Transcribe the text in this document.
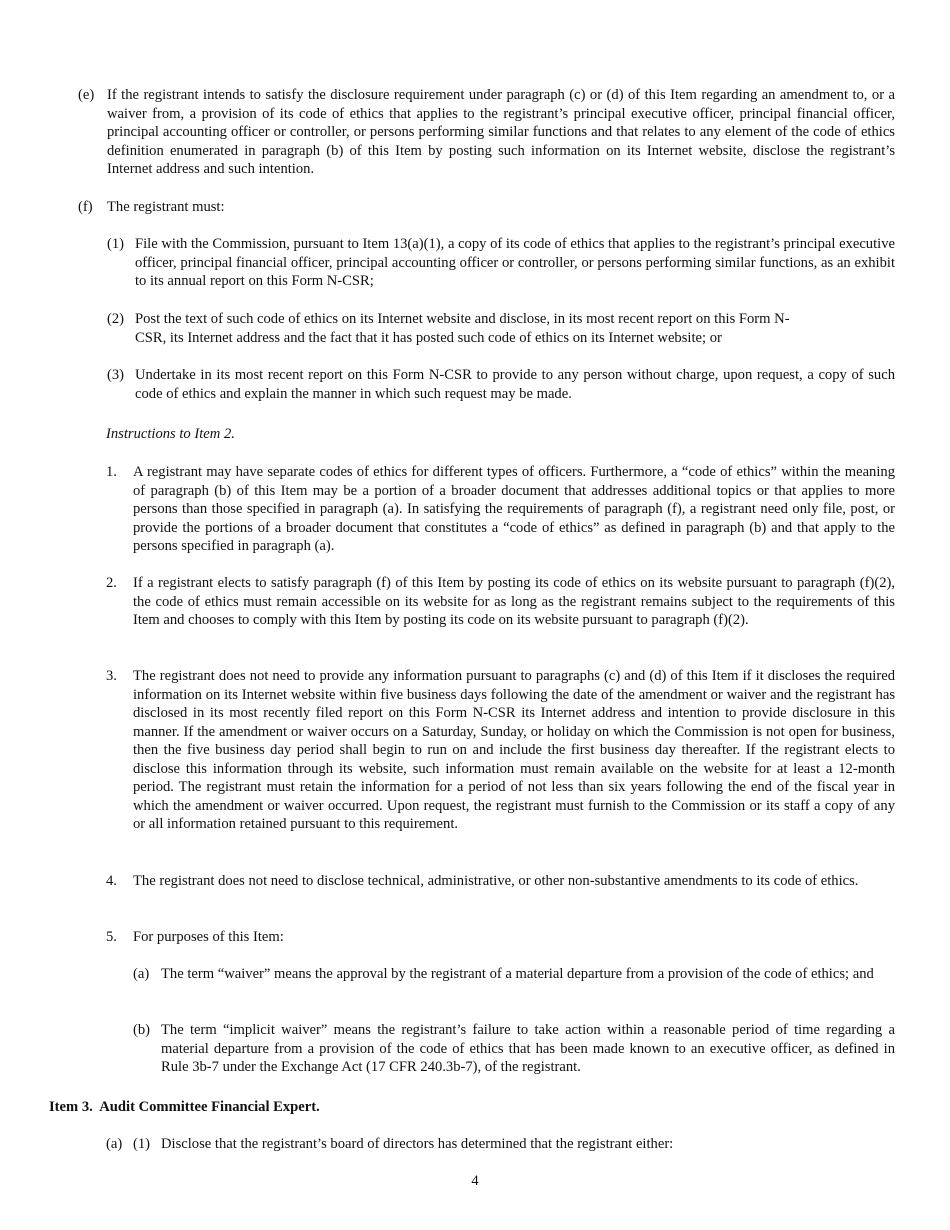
(e) If the registrant intends to satisfy the disclosure requirement under paragraph (c) or (d) of this Item regarding an amendment to, or a waiver from, a provision of its code of ethics that applies to the registrant’s principal executive officer, principal financial officer, principal accounting officer or controller, or persons performing similar functions and that relates to any element of the code of ethics definition enumerated in paragraph (b) of this Item by posting such information on its Internet website, disclose the registrant’s Internet address and such intention.
(f) The registrant must:
(1) File with the Commission, pursuant to Item 13(a)(1), a copy of its code of ethics that applies to the registrant’s principal executive officer, principal financial officer, principal accounting officer or controller, or persons performing similar functions, as an exhibit to its annual report on this Form N-CSR;
(2) Post the text of such code of ethics on its Internet website and disclose, in its most recent report on this Form N-
CSR, its Internet address and the fact that it has posted such code of ethics on its Internet website; or
(3) Undertake in its most recent report on this Form N-CSR to provide to any person without charge, upon request, a copy of such code of ethics and explain the manner in which such request may be made.
Instructions to Item 2.
1.	A registrant may have separate codes of ethics for different types of officers. Furthermore, a “code of ethics” within the meaning of paragraph (b) of this Item may be a portion of a broader document that addresses additional topics or that applies to more persons than those specified in paragraph (a). In satisfying the requirements of paragraph (f), a registrant need only file, post, or provide the portions of a broader document that constitutes a “code of ethics” as defined in paragraph (b) and that apply to the persons specified in paragraph (a).
2.	If a registrant elects to satisfy paragraph (f) of this Item by posting its code of ethics on its website pursuant to paragraph (f)(2), the code of ethics must remain accessible on its website for as long as the registrant remains subject to the requirements of this Item and chooses to comply with this Item by posting its code on its website pursuant to paragraph (f)(2).
3.	The registrant does not need to provide any information pursuant to paragraphs (c) and (d) of this Item if it discloses the required information on its Internet website within five business days following the date of the amendment or waiver and the registrant has disclosed in its most recently filed report on this Form N-CSR its Internet address and intention to provide disclosure in this manner. If the amendment or waiver occurs on a Saturday, Sunday, or holiday on which the Commission is not open for business, then the five business day period shall begin to run on and include the first business day thereafter. If the registrant elects to disclose this information through its website, such information must remain available on the website for at least a 12-month period. The registrant must retain the information for a period of not less than six years following the end of the fiscal year in which the amendment or waiver occurred. Upon request, the registrant must furnish to the Commission or its staff a copy of any or all information retained pursuant to this requirement.
4.	The registrant does not need to disclose technical, administrative, or other non-substantive amendments to its code of ethics.
5.	For purposes of this Item:
(a) The term “waiver” means the approval by the registrant of a material departure from a provision of the code of ethics; and
(b) The term “implicit waiver” means the registrant’s failure to take action within a reasonable period of time regarding a material departure from a provision of the code of ethics that has been made known to an executive officer, as defined in Rule 3b-7 under the Exchange Act (17 CFR 240.3b-7), of the registrant.
Item 3.  Audit Committee Financial Expert.
(a) (1) Disclose that the registrant’s board of directors has determined that the registrant either:
4
